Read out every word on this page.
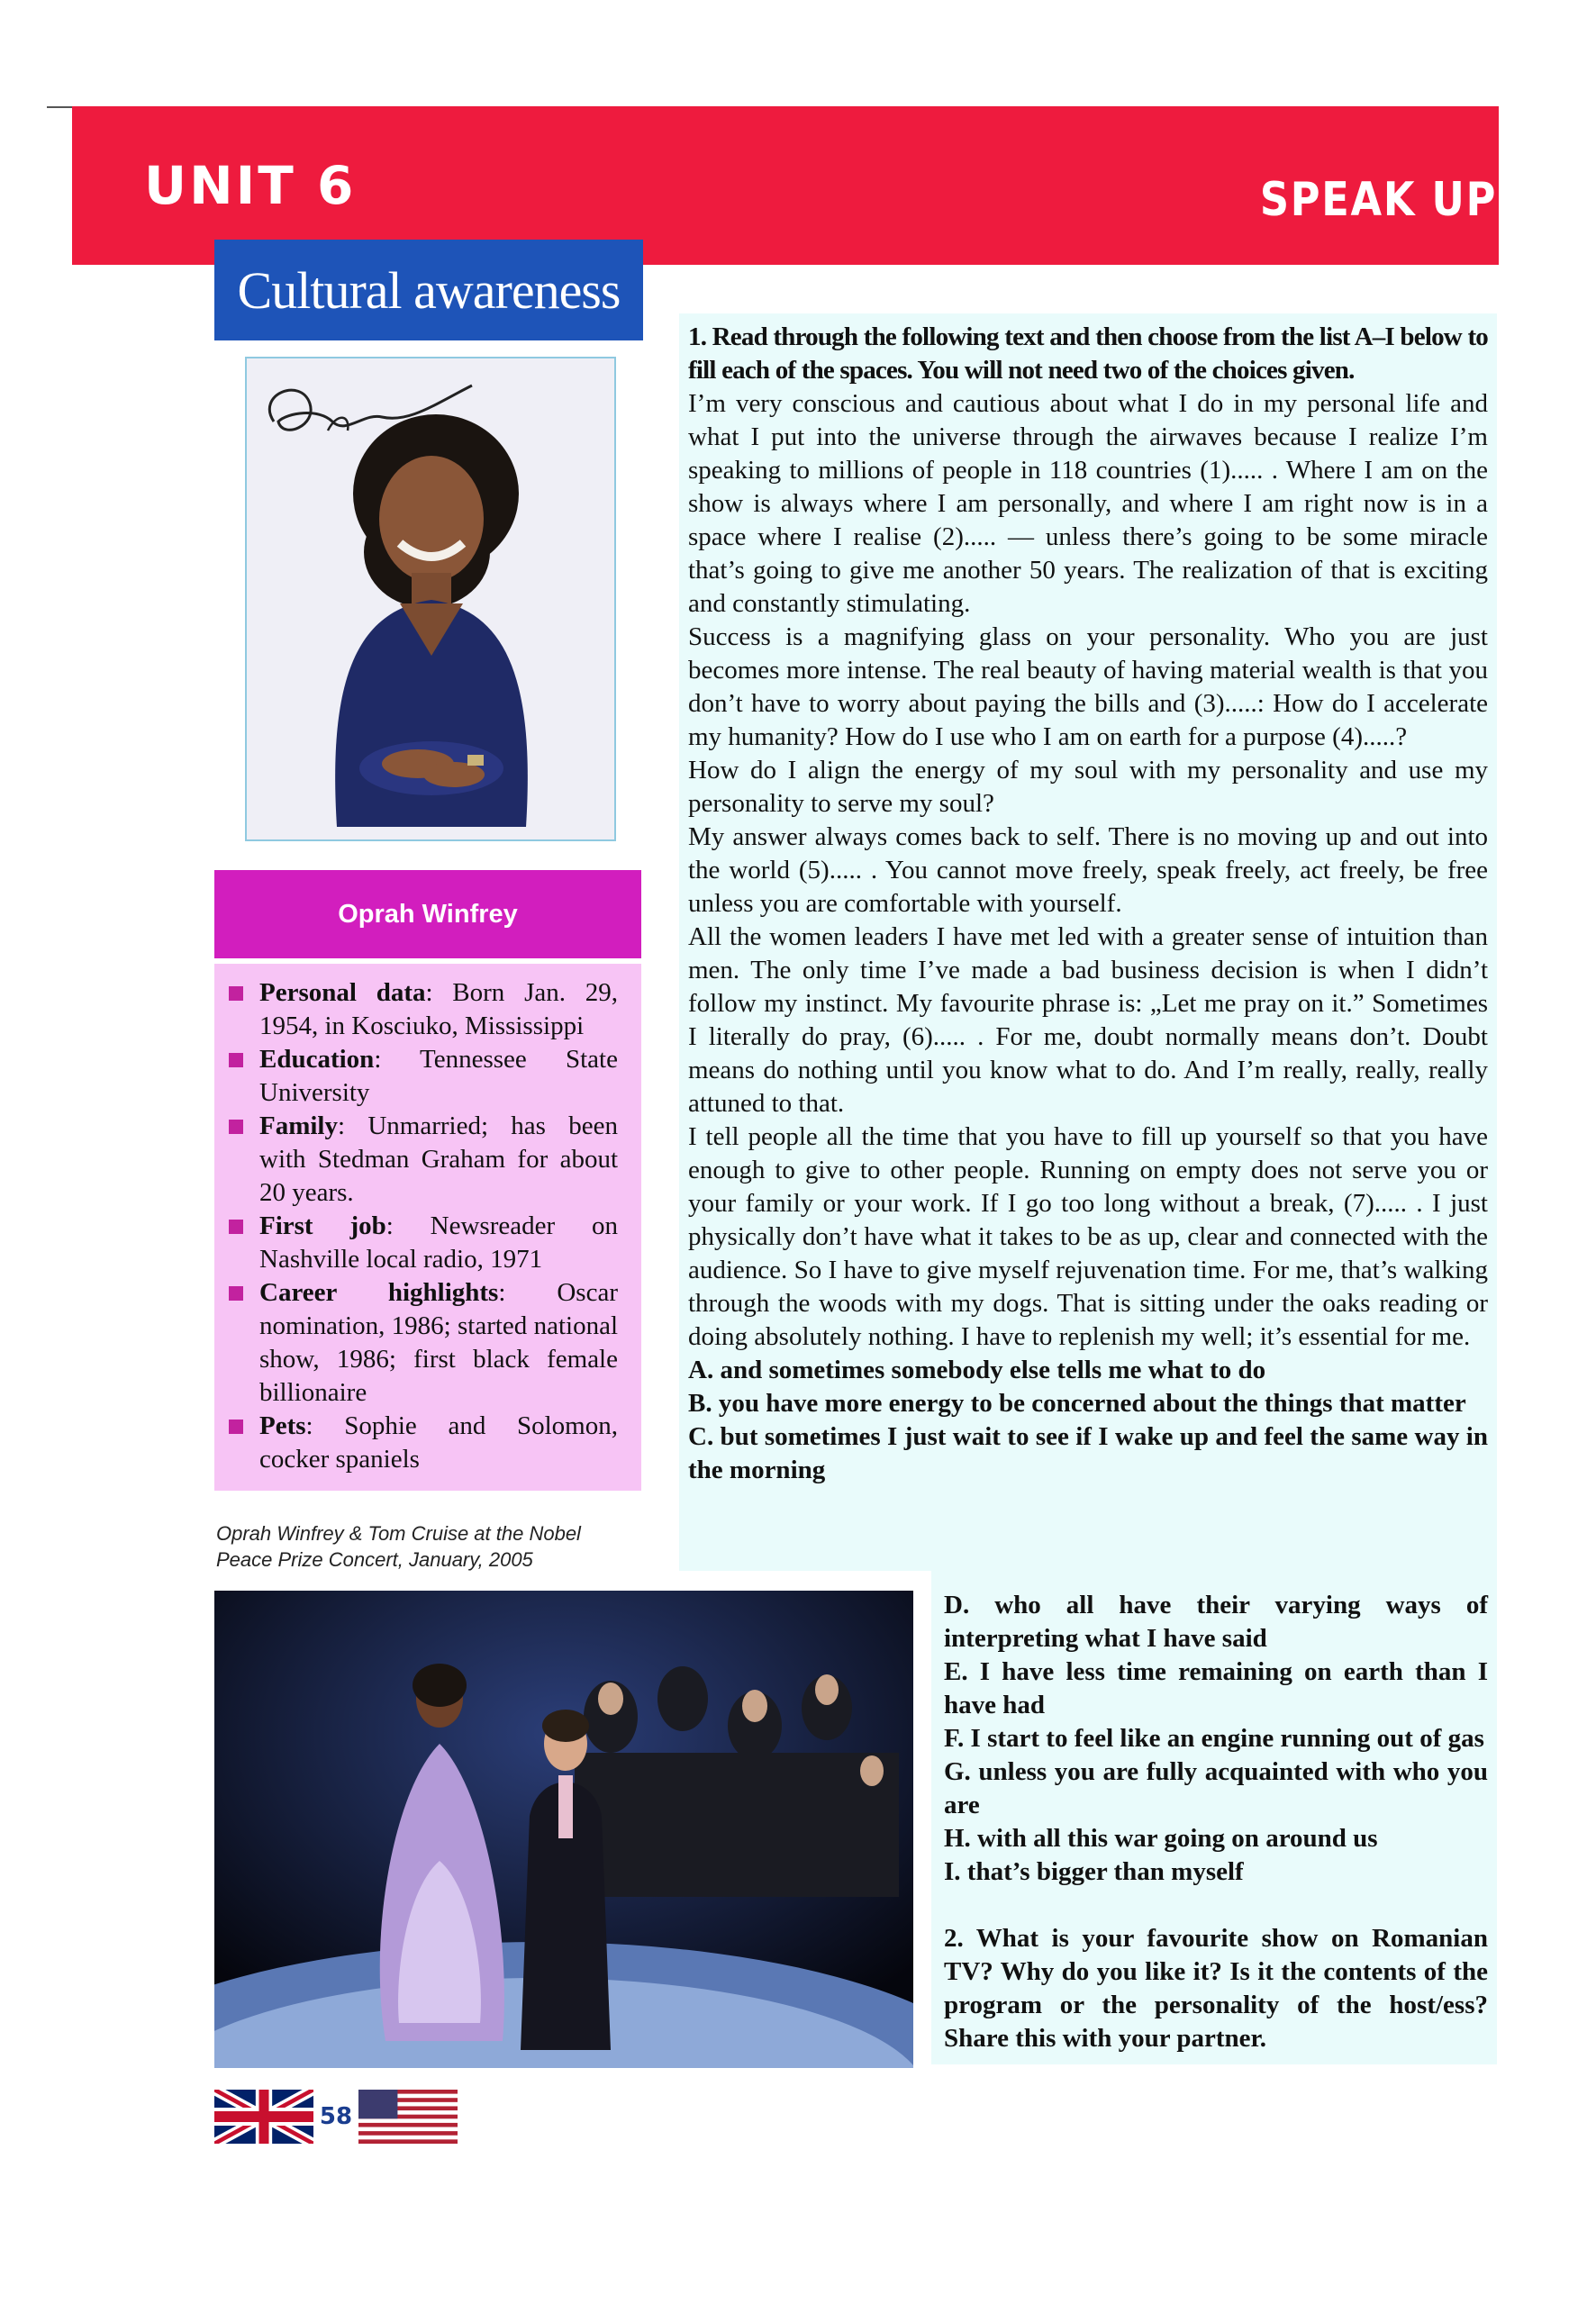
UNIT 6	SPEAK UP
Cultural awareness
Oprah Winfrey
Personal data: Born Jan. 29, 1954, in Kosciuko, Mississippi
Education: Tennessee State University
Family: Unmarried; has been with Stedman Graham for about 20 years.
First job: Newsreader on Nashville local radio, 1971
Career highlights: Oscar nomination, 1986; started national show, 1986; first black female billionaire
Pets: Sophie and Solomon, cocker spaniels
Oprah Winfrey & Tom Cruise at the Nobel Peace Prize Concert, January, 2005

1. Read through the following text and then choose from the list A–I below to fill each of the spaces. You will not need two of the choices given.

I’m very conscious and cautious about what I do in my personal life and what I put into the universe through the airwaves because I realize I’m speaking to millions of people in 118 countries (1)..... . Where I am on the show is always where I am personally, and where I am right now is in a space where I realise (2)..... — unless there’s going to be some miracle that’s going to give me another 50 years. The realization of that is exciting and constantly stimulating.

Success is a magnifying glass on your personality. Who you are just becomes more intense. The real beauty of having material wealth is that you don’t have to worry about paying the bills and (3).....: How do I accelerate my humanity? How do I use who I am on earth for a purpose (4).....?

How do I align the energy of my soul with my personality and use my personality to serve my soul?

My answer always comes back to self. There is no moving up and out into the world (5)..... . You cannot move freely, speak freely, act freely, be free unless you are comfortable with yourself.

All the women leaders I have met led with a greater sense of intuition than men. The only time I’ve made a bad business decision is when I didn’t follow my instinct. My favourite phrase is: „Let me pray on it.” Sometimes I literally do pray, (6)..... . For me, doubt normally means don’t. Doubt means do nothing until you know what to do. And I’m really, really, really attuned to that.

I tell people all the time that you have to fill up yourself so that you have enough to give to other people. Running on empty does not serve you or your family or your work. If I go too long without a break, (7)..... . I just physically don’t have what it takes to be as up, clear and connected with the audience. So I have to give myself rejuvenation time. For me, that’s walking through the woods with my dogs. That is sitting under the oaks reading or doing absolutely nothing. I have to replenish my well; it’s essential for me.

A. and sometimes somebody else tells me what to do

B. you have more energy to be concerned about the things that matter

C. but sometimes I just wait to see if I wake up and feel the same way in the morning

D. who all have their varying ways of interpreting what I have said

E. I have less time remaining on earth than I have had

F. I start to feel like an engine running out of gas

G. unless you are fully acquainted with who you are

H. with all this war going on around us

I. that’s bigger than myself

2. What is your favourite show on Romanian TV? Why do you like it? Is it the contents of the program or the personality of the host/ess? Share this with your partner.

58
